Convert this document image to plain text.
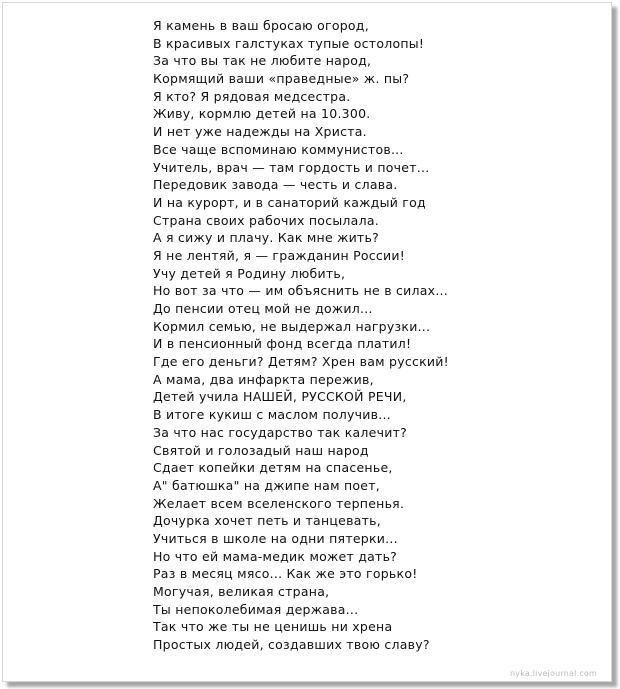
Я камень в ваш бросаю огород,
В красивых галстуках тупые остолопы!
За что вы так не любите народ,
Кормящий ваши «праведные» ж. пы?
Я кто? Я рядовая медсестра.
Живу, кормлю детей на 10.300.
И нет уже надежды на Христа.
Все чаще вспоминаю коммунистов...
Учитель, врач — там гордость и почет...
Передовик завода — честь и слава.
И на курорт, и в санаторий каждый год
Страна своих рабочих посылала.
А я сижу и плачу. Как мне жить?
Я не лентяй, я — гражданин России!
Учу детей я Родину любить,
Но вот за что — им объяснить не в силах...
До пенсии отец мой не дожил...
Кормил семью, не выдержал нагрузки...
И в пенсионный фонд всегда платил!
Где его деньги? Детям? Хрен вам русский!
А мама, два инфаркта пережив,
Детей учила НАШЕЙ, РУССКОЙ РЕЧИ,
В итоге кукиш с маслом получив...
За что нас государство так калечит?
Святой и голозадый наш народ
Сдает копейки детям на спасенье,
А" батюшка" на джипе нам поет,
Желает всем вселенского терпенья.
Дочурка хочет петь и танцевать,
Учиться в школе на одни пятерки...
Но что ей мама-медик может дать?
Раз в месяц мясо... Как же это горько!
Могучая, великая страна,
Ты непоколебимая держава...
Так что же ты не ценишь ни хрена
Простых людей, создавших твою славу?
nyka.livejournal.com
